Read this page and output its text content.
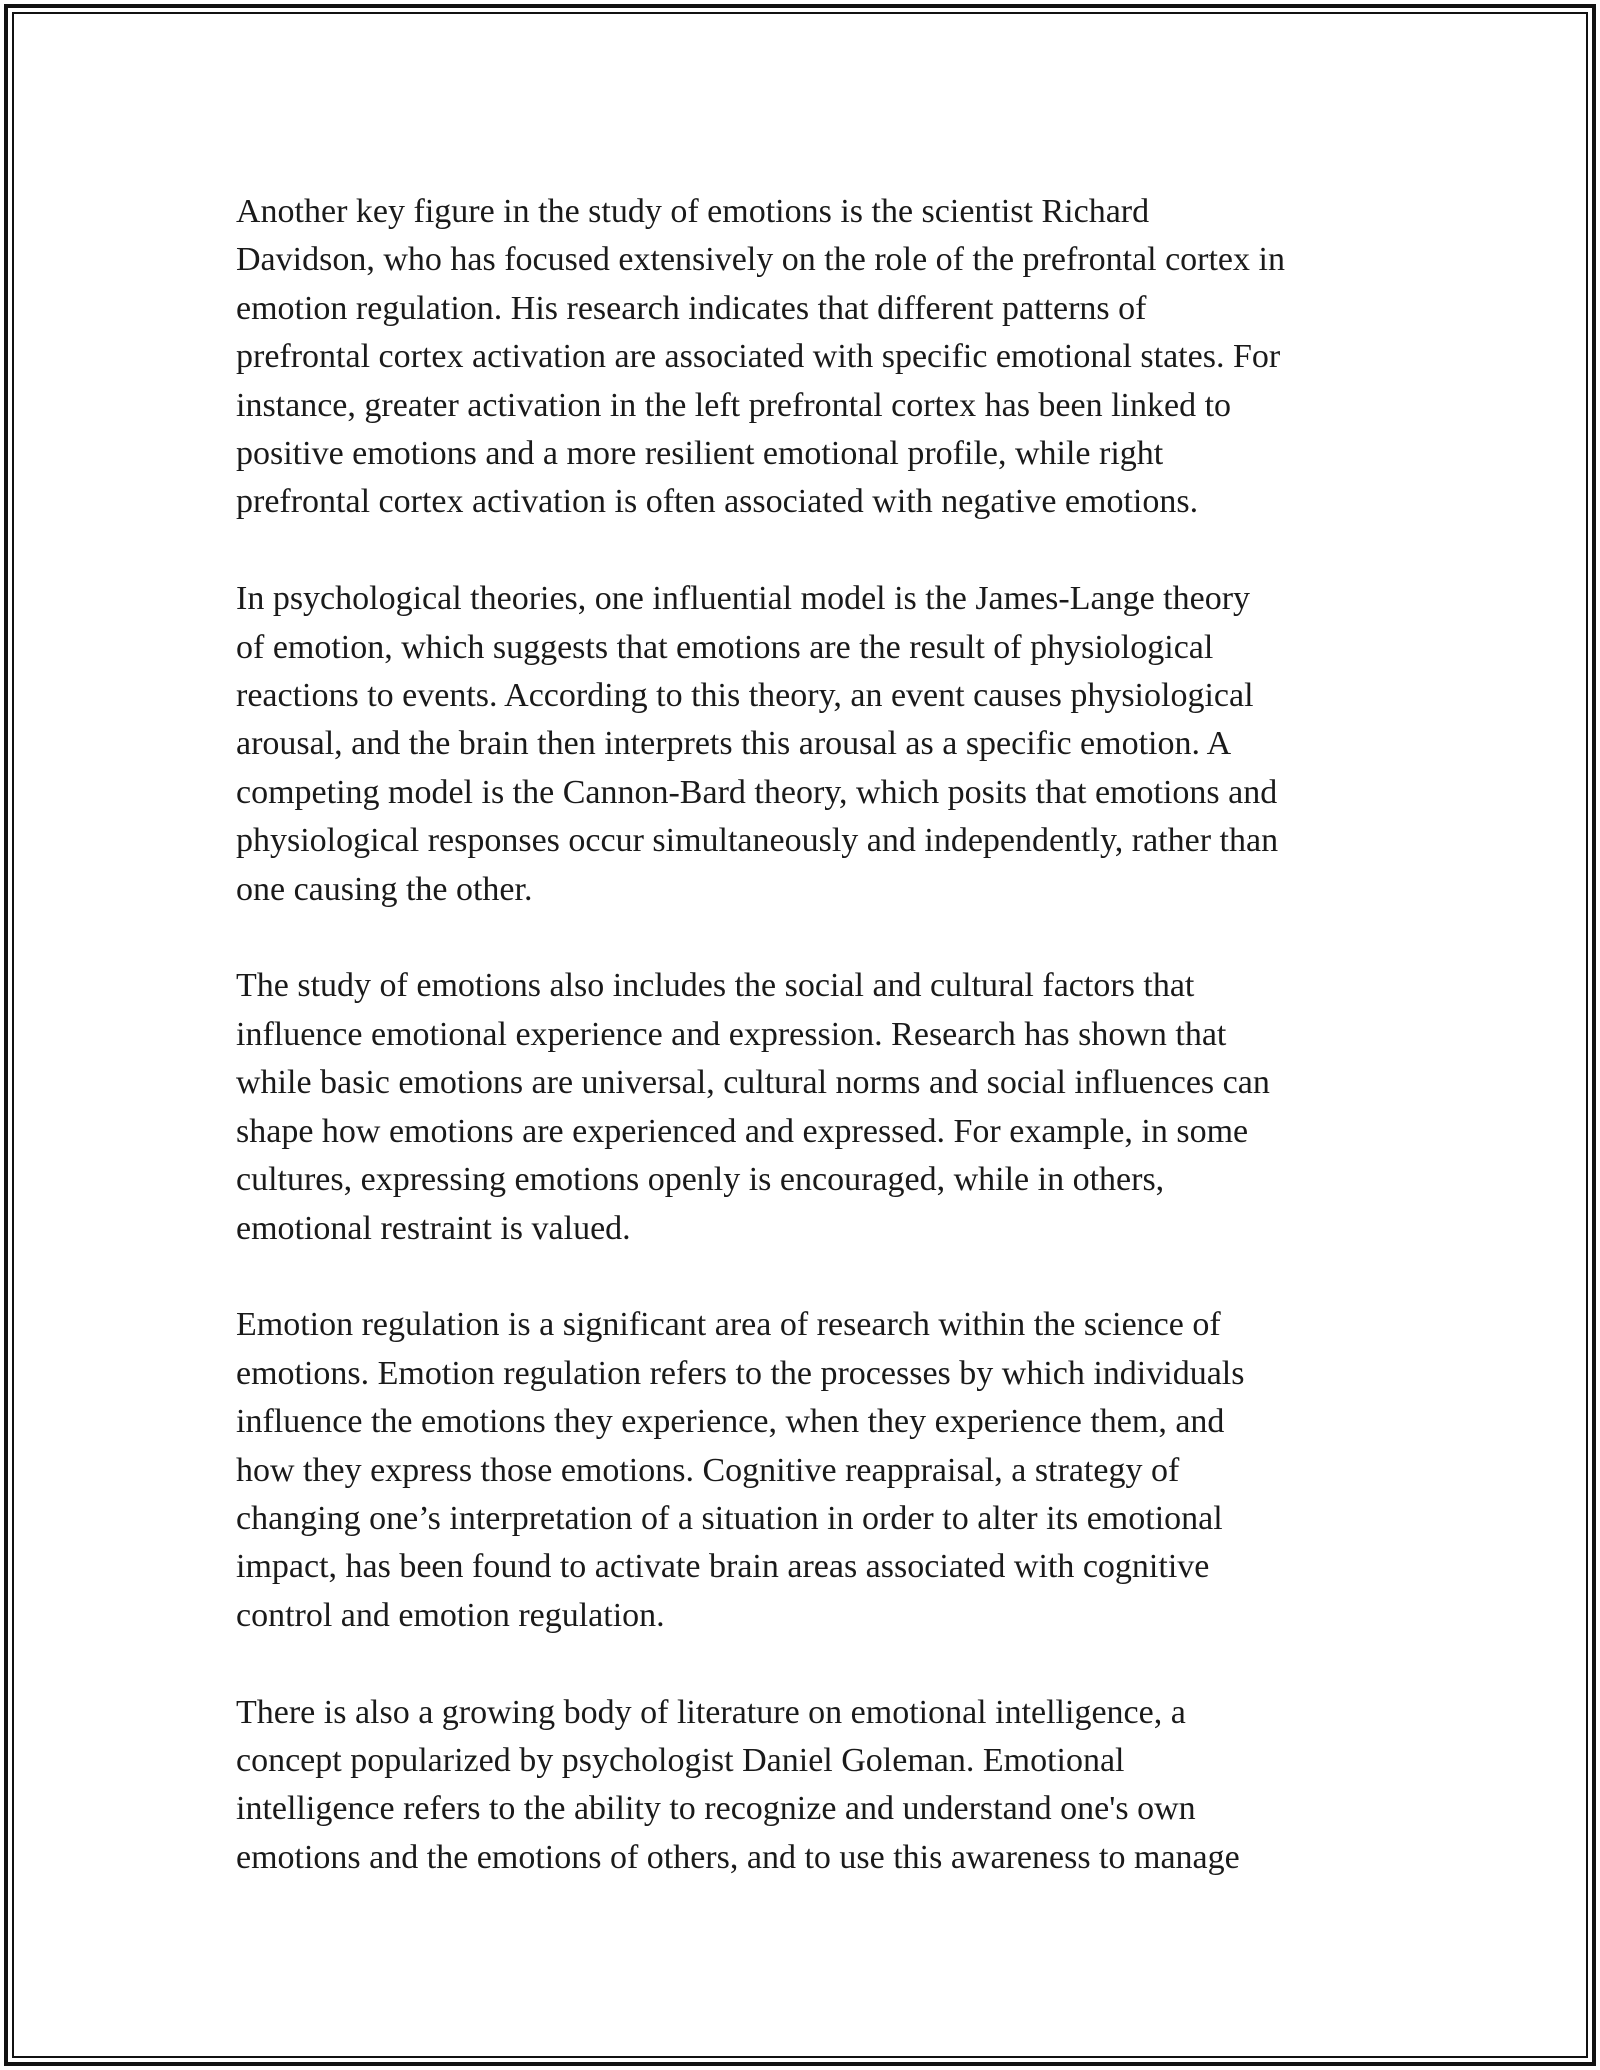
Another key figure in the study of emotions is the scientist Richard
Davidson, who has focused extensively on the role of the prefrontal cortex in
emotion regulation. His research indicates that different patterns of
prefrontal cortex activation are associated with specific emotional states. For
instance, greater activation in the left prefrontal cortex has been linked to
positive emotions and a more resilient emotional profile, while right
prefrontal cortex activation is often associated with negative emotions.

In psychological theories, one influential model is the James-Lange theory
of emotion, which suggests that emotions are the result of physiological
reactions to events. According to this theory, an event causes physiological
arousal, and the brain then interprets this arousal as a specific emotion. A
competing model is the Cannon-Bard theory, which posits that emotions and
physiological responses occur simultaneously and independently, rather than
one causing the other.

The study of emotions also includes the social and cultural factors that
influence emotional experience and expression. Research has shown that
while basic emotions are universal, cultural norms and social influences can
shape how emotions are experienced and expressed. For example, in some
cultures, expressing emotions openly is encouraged, while in others,
emotional restraint is valued.

Emotion regulation is a significant area of research within the science of
emotions. Emotion regulation refers to the processes by which individuals
influence the emotions they experience, when they experience them, and
how they express those emotions. Cognitive reappraisal, a strategy of
changing one’s interpretation of a situation in order to alter its emotional
impact, has been found to activate brain areas associated with cognitive
control and emotion regulation.

There is also a growing body of literature on emotional intelligence, a
concept popularized by psychologist Daniel Goleman. Emotional
intelligence refers to the ability to recognize and understand one's own
emotions and the emotions of others, and to use this awareness to manage
